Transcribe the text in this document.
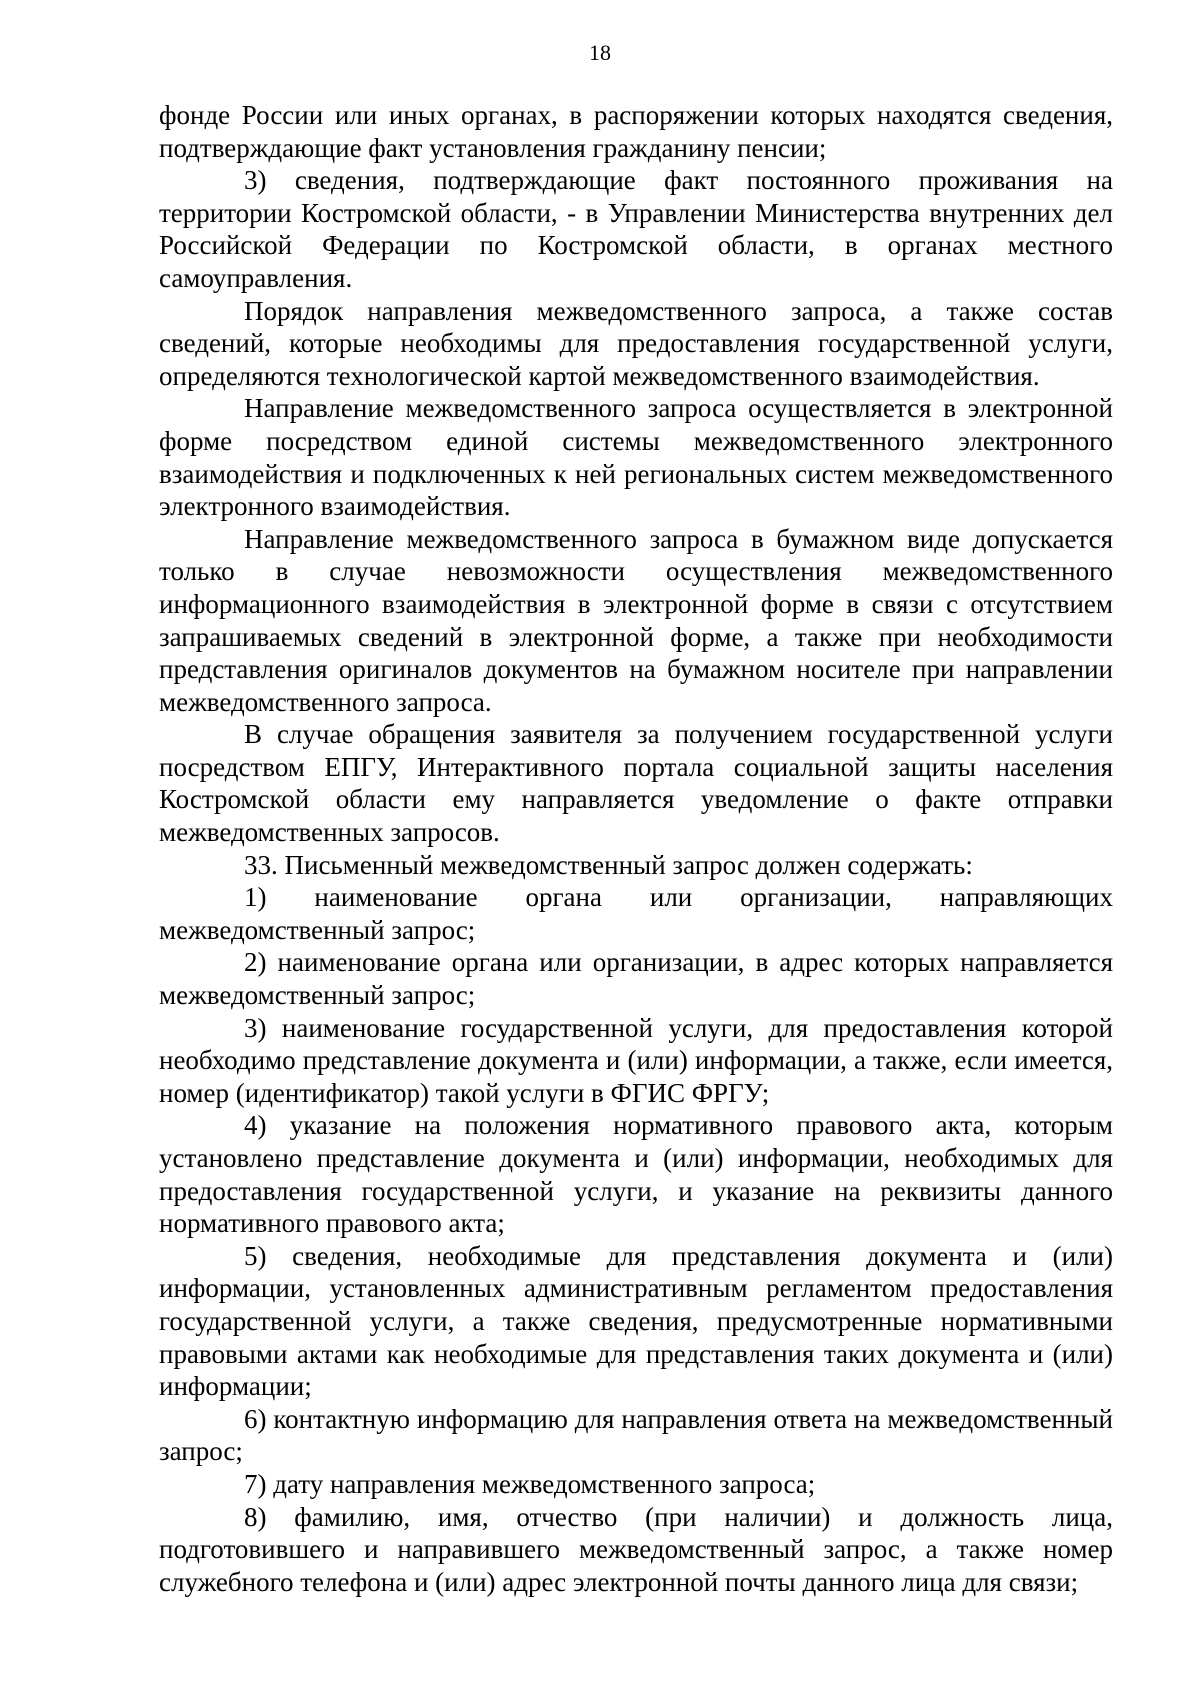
18

фонде России или иных органах, в распоряжении которых находятся сведения, подтверждающие факт установления гражданину пенсии;

3) сведения, подтверждающие факт постоянного проживания на территории Костромской области, - в Управлении Министерства внутренних дел Российской Федерации по Костромской области, в органах местного самоуправления.

Порядок направления межведомственного запроса, а также состав сведений, которые необходимы для предоставления государственной услуги, определяются технологической картой межведомственного взаимодействия.

Направление межведомственного запроса осуществляется в электронной форме посредством единой системы межведомственного электронного взаимодействия и подключенных к ней региональных систем межведомственного электронного взаимодействия.

Направление межведомственного запроса в бумажном виде допускается только в случае невозможности осуществления межведомственного информационного взаимодействия в электронной форме в связи с отсутствием запрашиваемых сведений в электронной форме, а также при необходимости представления оригиналов документов на бумажном носителе при направлении межведомственного запроса.

В случае обращения заявителя за получением государственной услуги посредством ЕПГУ, Интерактивного портала социальной защиты населения Костромской области ему направляется уведомление о факте отправки межведомственных запросов.

33. Письменный межведомственный запрос должен содержать:

1) наименование органа или организации, направляющих межведомственный запрос;

2) наименование органа или организации, в адрес которых направляется межведомственный запрос;

3) наименование государственной услуги, для предоставления которой необходимо представление документа и (или) информации, а также, если имеется, номер (идентификатор) такой услуги в ФГИС ФРГУ;

4) указание на положения нормативного правового акта, которым установлено представление документа и (или) информации, необходимых для предоставления государственной услуги, и указание на реквизиты данного нормативного правового акта;

5) сведения, необходимые для представления документа и (или) информации, установленных административным регламентом предоставления государственной услуги, а также сведения, предусмотренные нормативными правовыми актами как необходимые для представления таких документа и (или) информации;

6) контактную информацию для направления ответа на межведомственный запрос;

7) дату направления межведомственного запроса;

8) фамилию, имя, отчество (при наличии) и должность лица, подготовившего и направившего межведомственный запрос, а также номер служебного телефона и (или) адрес электронной почты данного лица для связи;
